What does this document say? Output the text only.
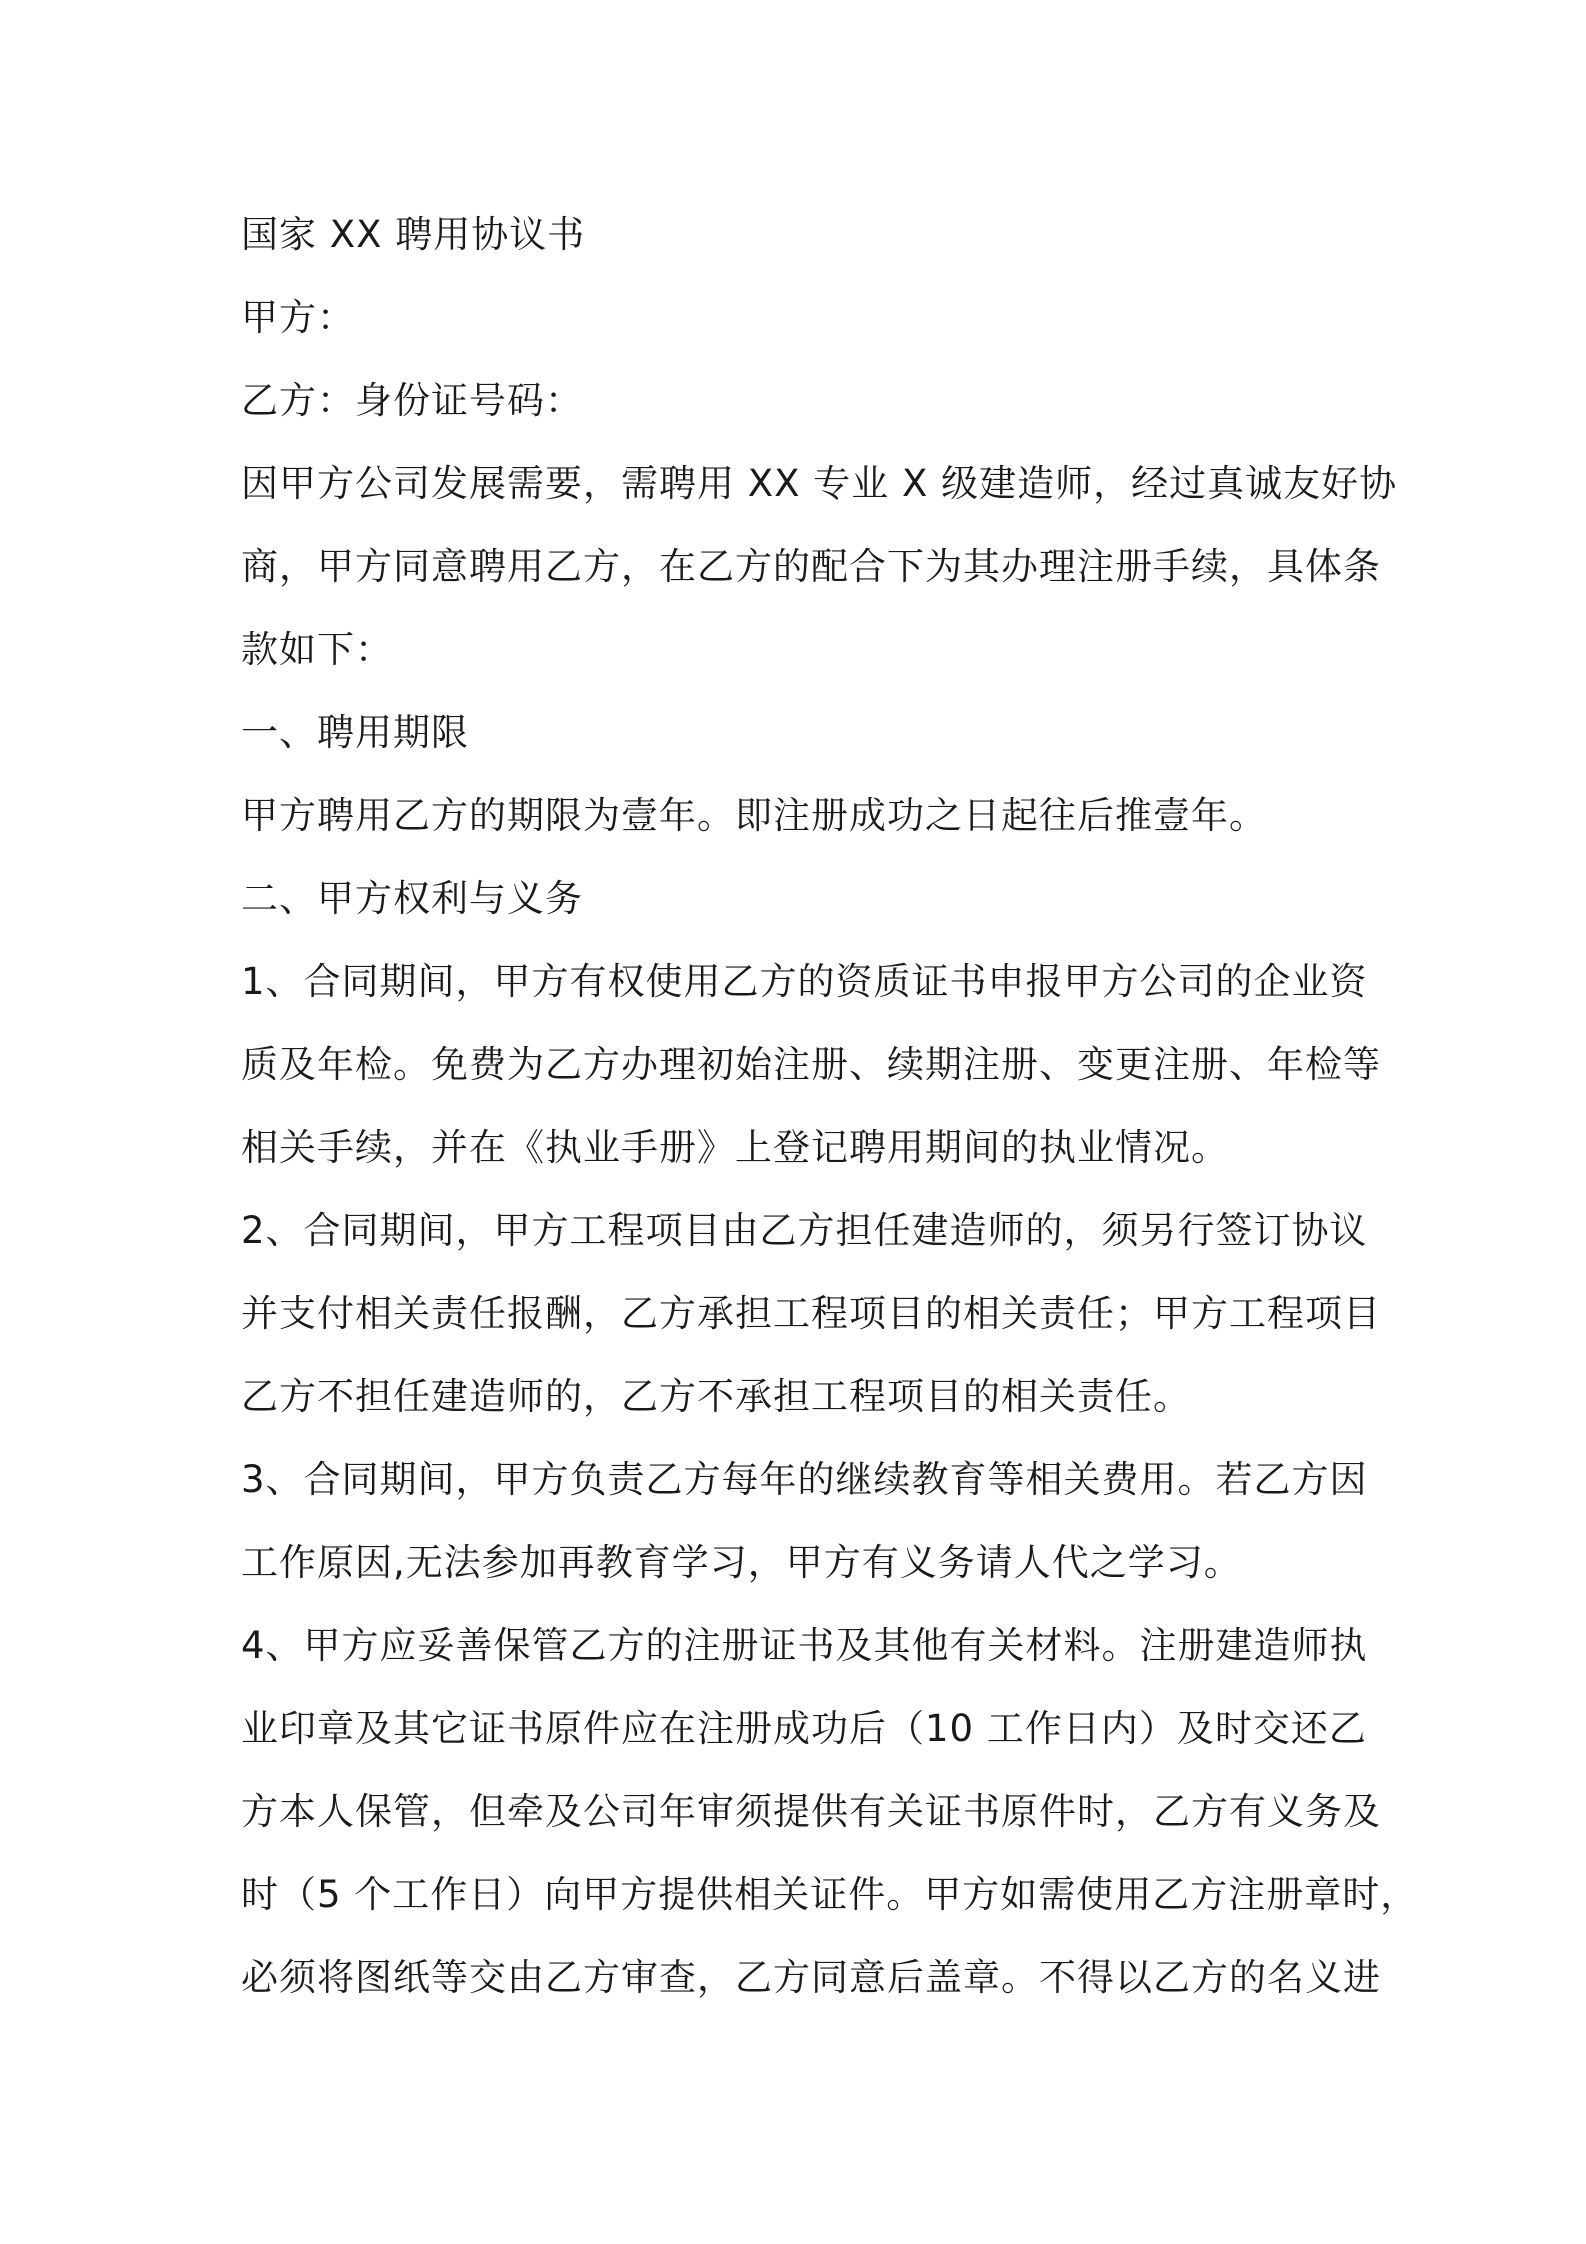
国家 XX 聘用协议书

甲方：

乙方：身份证号码：

因甲方公司发展需要，需聘用 XX 专业 X 级建造师，经过真诚友好协
商，甲方同意聘用乙方，在乙方的配合下为其办理注册手续，具体条
款如下：

一、聘用期限

甲方聘用乙方的期限为壹年。即注册成功之日起往后推壹年。

二、甲方权利与义务

1、合同期间，甲方有权使用乙方的资质证书申报甲方公司的企业资
质及年检。免费为乙方办理初始注册、续期注册、变更注册、年检等
相关手续，并在《执业手册》上登记聘用期间的执业情况。

2、合同期间，甲方工程项目由乙方担任建造师的，须另行签订协议
并支付相关责任报酬，乙方承担工程项目的相关责任；甲方工程项目
乙方不担任建造师的，乙方不承担工程项目的相关责任。

3、合同期间，甲方负责乙方每年的继续教育等相关费用。若乙方因
工作原因,无法参加再教育学习，甲方有义务请人代之学习。

4、甲方应妥善保管乙方的注册证书及其他有关材料。注册建造师执
业印章及其它证书原件应在注册成功后（10 工作日内）及时交还乙
方本人保管，但牵及公司年审须提供有关证书原件时，乙方有义务及
时（5 个工作日）向甲方提供相关证件。甲方如需使用乙方注册章时，
必须将图纸等交由乙方审查，乙方同意后盖章。不得以乙方的名义进
